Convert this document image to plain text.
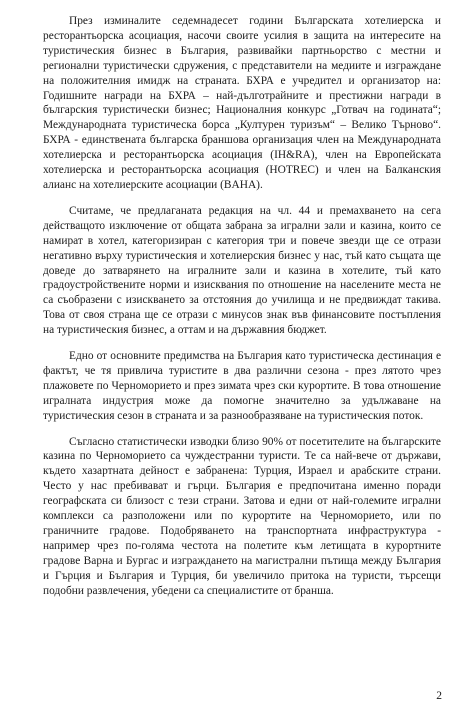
През изминалите седемнадесет години Българската хотелиерска и ресторантьорска асоциация, насочи своите усилия в защита на интересите на туристическия бизнес в България, развивайки партньорство с местни и регионални туристически сдружения, с представители на медиите и изграждане на положителния имидж на страната. БХРА е учредител и организатор на: Годишните награди на БХРА – най-дълготрайните и престижни награди в българския туристически бизнес; Националния конкурс „Готвач на годината“; Международната туристическа борса „Културен туризъм“ – Велико Търново“. БХРА - единствената българска браншова организация член на Международната хотелиерска и ресторантьорска асоциация (IH&RA), член на Европейската хотелиерска и ресторантьорска асоциация (HOTREC) и член на Балканския алианс на хотелиерските асоциации (BAHA).

Считаме, че предлаганата редакция на чл. 44 и премахването на сега действащото изключение от общата забрана за игрални зали и казина, които се намират в хотел, категоризиран с категория три и повече звезди ще се отрази негативно върху туристическия и хотелиерския бизнес у нас, тъй като същата ще доведе до затварянето на игралните зали и казина в хотелите, тъй като градоустройствените норми и изисквания по отношение на населените места не са съобразени с изискването за отстояния до училища и не предвиждат такива. Това от своя страна ще се отрази с минусов знак във финансовите постъпления на туристическия бизнес, а оттам и на държавния бюджет.

Едно от основните предимства на България като туристическа дестинация е фактът, че тя привлича туристите в два различни сезона - през лятото чрез плажовете по Черноморието и през зимата чрез ски курортите. В това отношение игралната индустрия може да помогне значително за удължаване на туристическия сезон в страната и за разнообразяване на туристическия поток.

Съгласно статистически изводки близо 90% от посетителите на българските казина по Черноморието са чуждестранни туристи. Те са най-вече от държави, където хазартната дейност е забранена: Турция, Израел и арабските страни. Често у нас пребивават и гърци. България е предпочитана именно поради географската си близост с тези страни. Затова и едни от най-големите игрални комплекси са разположени или по курортите на Черноморието, или по граничните градове. Подобряването на транспортната инфраструктура - например чрез по-голяма честота на полетите към летищата в курортните градове Варна и Бургас и изграждането на магистрални пътища между България и Гърция и България и Турция, би увеличило притока на туристи, търсещи подобни развлечения, убедени са специалистите от бранша.

2
